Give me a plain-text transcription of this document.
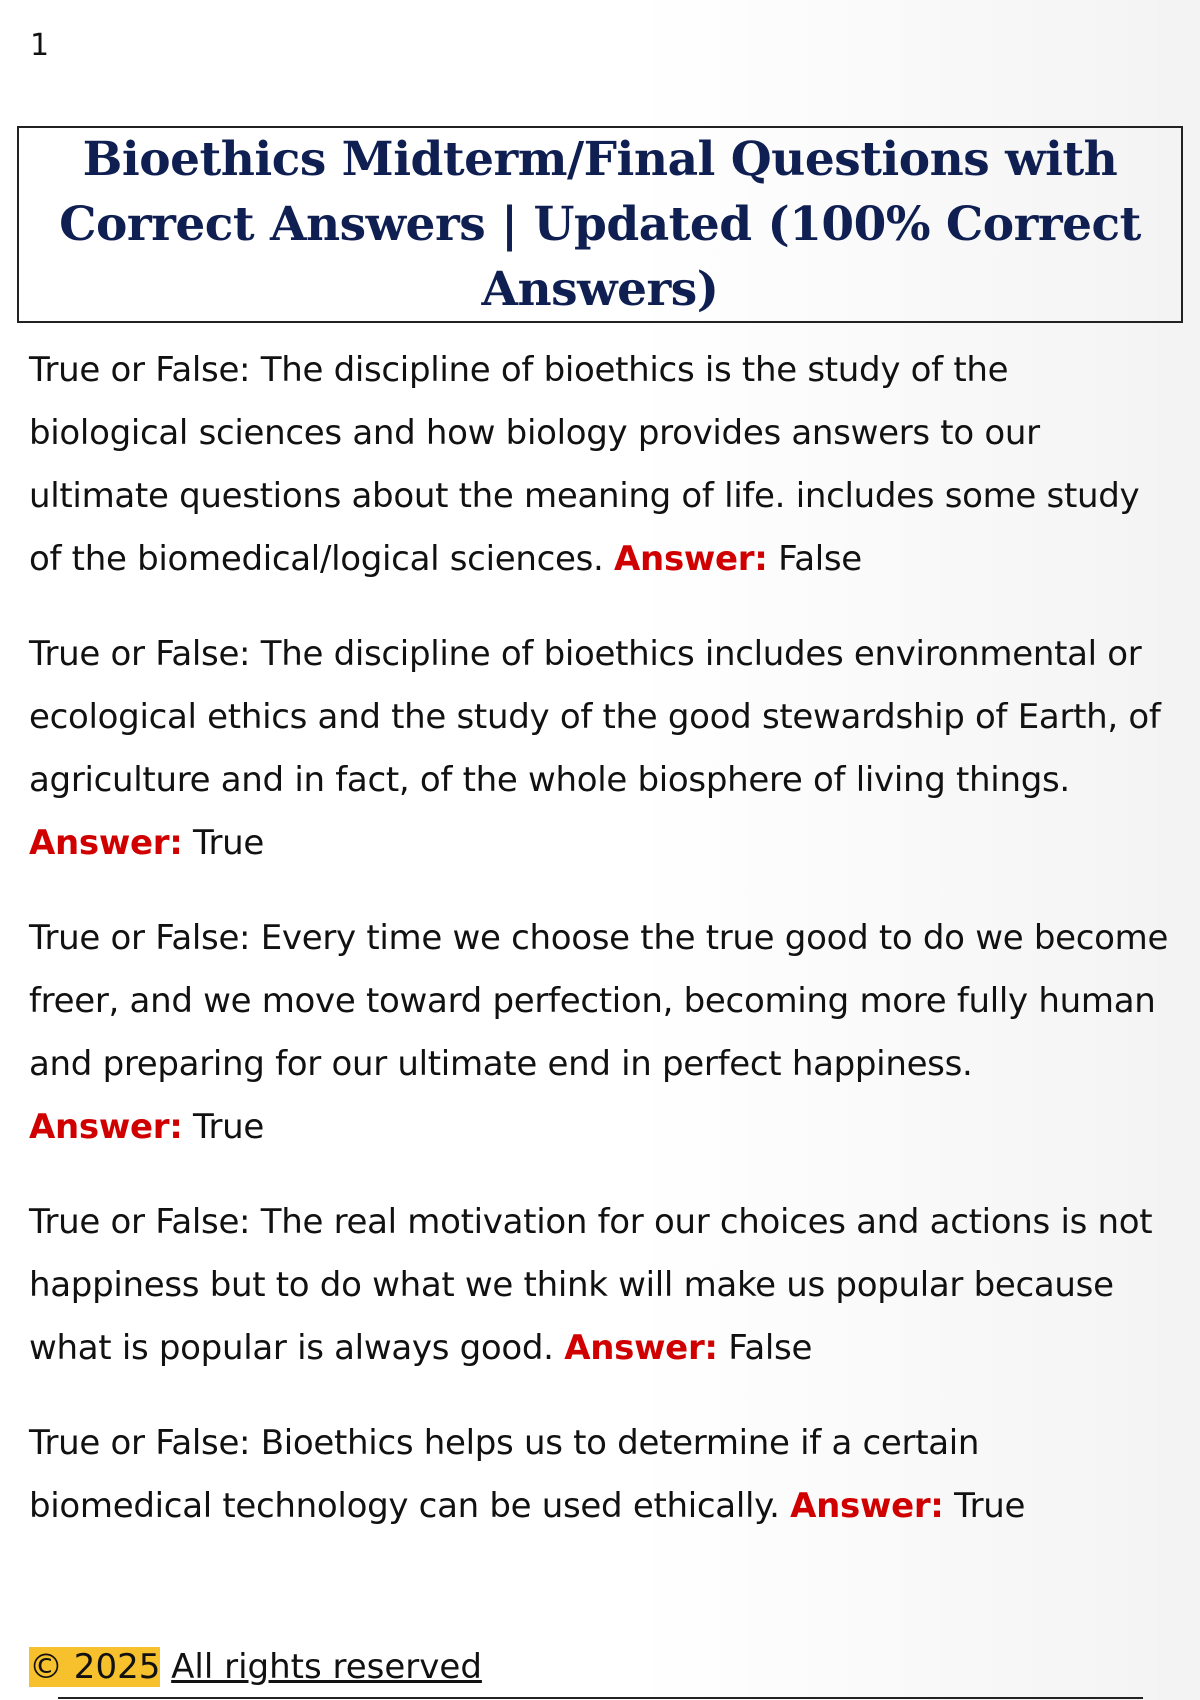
1
Bioethics Midterm/Final Questions with Correct Answers | Updated (100% Correct Answers)

True or False: The discipline of bioethics is the study of the biological sciences and how biology provides answers to our ultimate questions about the meaning of life. includes some study of the biomedical/logical sciences. Answer: False

True or False: The discipline of bioethics includes environmental or ecological ethics and the study of the good stewardship of Earth, of agriculture and in fact, of the whole biosphere of living things.
Answer: True

True or False: Every time we choose the true good to do we become freer, and we move toward perfection, becoming more fully human and preparing for our ultimate end in perfect happiness.
Answer: True

True or False: The real motivation for our choices and actions is not happiness but to do what we think will make us popular because what is popular is always good. Answer: False

True or False: Bioethics helps us to determine if a certain biomedical technology can be used ethically. Answer: True

© 2025 All rights reserved
